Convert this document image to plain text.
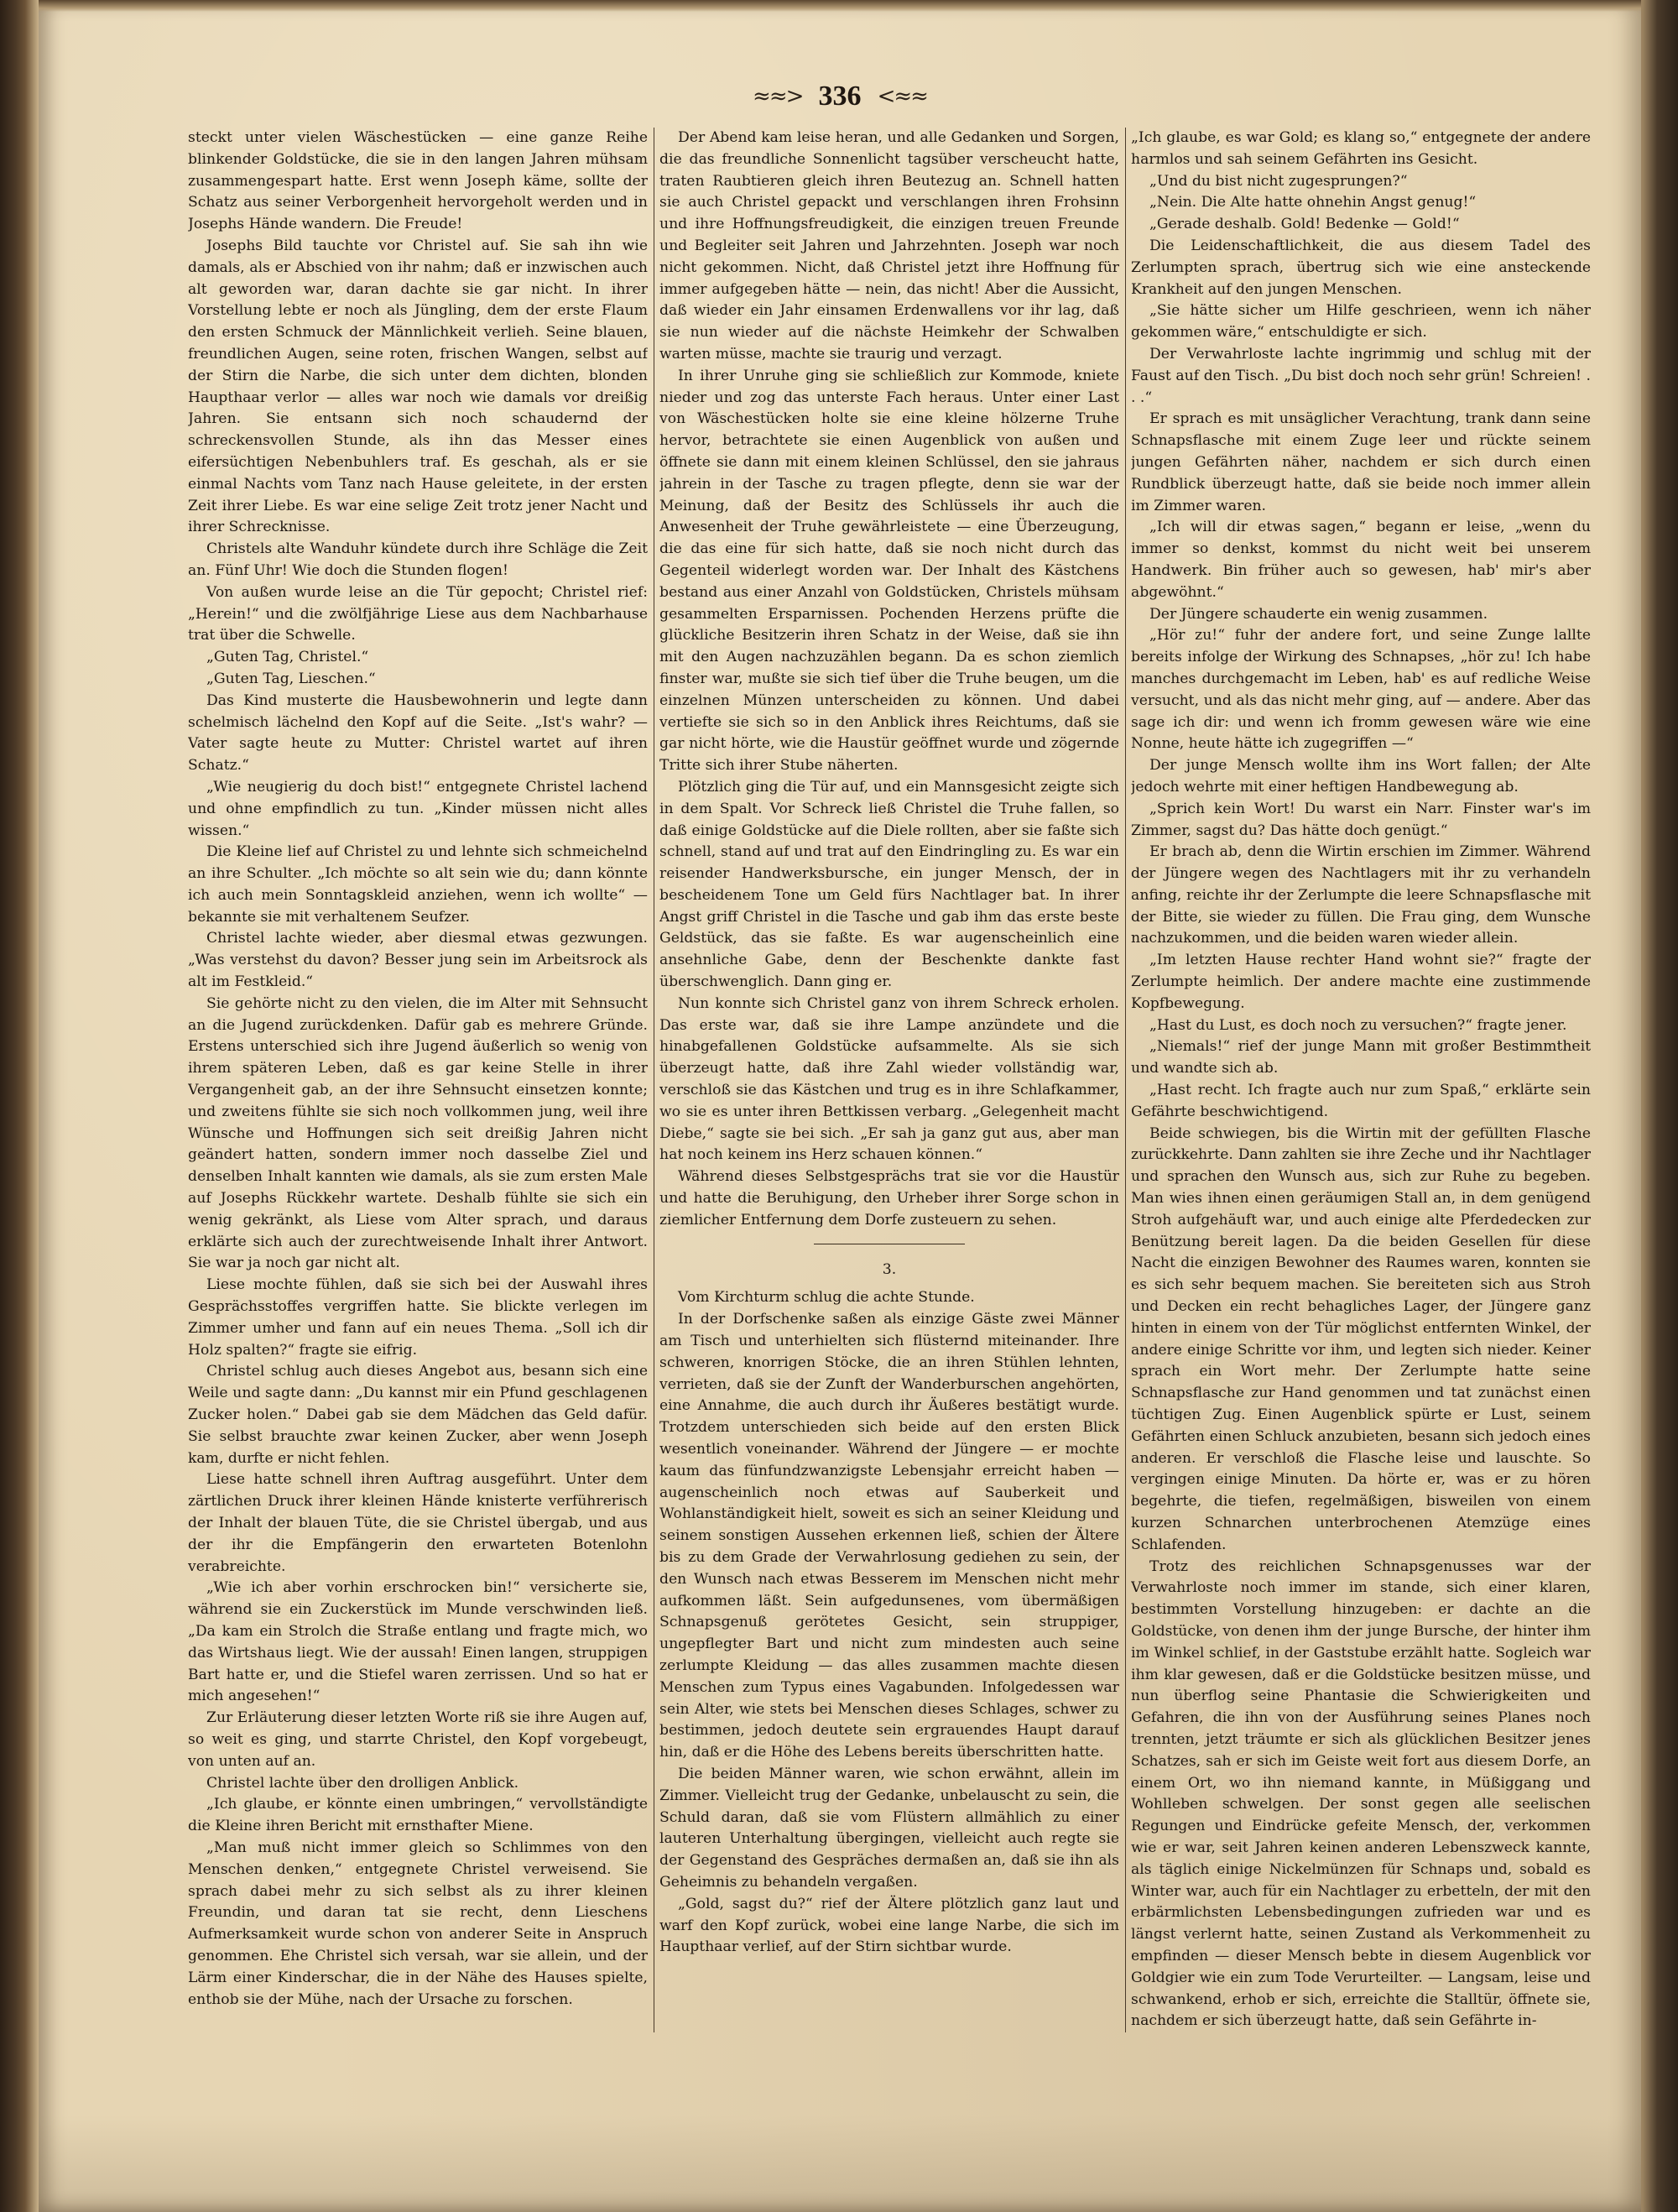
≈≈> 336 <≈≈

steckt unter vielen Wäschestücken — eine ganze Reihe blinkender Goldstücke, die sie in den langen Jahren mühsam zusammengespart hatte. Erst wenn Joseph käme, sollte der Schatz aus seiner Verborgenheit hervorgeholt werden und in Josephs Hände wandern. Die Freude!

Josephs Bild tauchte vor Christel auf. Sie sah ihn wie damals, als er Abschied von ihr nahm; daß er inzwischen auch alt geworden war, daran dachte sie gar nicht. In ihrer Vorstellung lebte er noch als Jüngling, dem der erste Flaum den ersten Schmuck der Männlichkeit verlieh. Seine blauen, freundlichen Augen, seine roten, frischen Wangen, selbst auf der Stirn die Narbe, die sich unter dem dichten, blonden Haupthaar verlor — alles war noch wie damals vor dreißig Jahren. Sie entsann sich noch schaudernd der schreckensvollen Stunde, als ihn das Messer eines eifersüchtigen Nebenbuhlers traf. Es geschah, als er sie einmal Nachts vom Tanz nach Hause geleitete, in der ersten Zeit ihrer Liebe. Es war eine selige Zeit trotz jener Nacht und ihrer Schrecknisse.

Christels alte Wanduhr kündete durch ihre Schläge die Zeit an. Fünf Uhr! Wie doch die Stunden flogen!

Von außen wurde leise an die Tür gepocht; Christel rief: „Herein!“ und die zwölfjährige Liese aus dem Nachbarhause trat über die Schwelle.

„Guten Tag, Christel.“

„Guten Tag, Lieschen.“

Das Kind musterte die Hausbewohnerin und legte dann schelmisch lächelnd den Kopf auf die Seite. „Ist's wahr? — Vater sagte heute zu Mutter: Christel wartet auf ihren Schatz.“

„Wie neugierig du doch bist!“ entgegnete Christel lachend und ohne empfindlich zu tun. „Kinder müssen nicht alles wissen.“

Die Kleine lief auf Christel zu und lehnte sich schmeichelnd an ihre Schulter. „Ich möchte so alt sein wie du; dann könnte ich auch mein Sonntagskleid anziehen, wenn ich wollte“ — bekannte sie mit verhaltenem Seufzer.

Christel lachte wieder, aber diesmal etwas gezwungen. „Was verstehst du davon? Besser jung sein im Arbeitsrock als alt im Festkleid.“

Sie gehörte nicht zu den vielen, die im Alter mit Sehnsucht an die Jugend zurückdenken. Dafür gab es mehrere Gründe. Erstens unterschied sich ihre Jugend äußerlich so wenig von ihrem späteren Leben, daß es gar keine Stelle in ihrer Vergangenheit gab, an der ihre Sehnsucht einsetzen konnte; und zweitens fühlte sie sich noch vollkommen jung, weil ihre Wünsche und Hoffnungen sich seit dreißig Jahren nicht geändert hatten, sondern immer noch dasselbe Ziel und denselben Inhalt kannten wie damals, als sie zum ersten Male auf Josephs Rückkehr wartete. Deshalb fühlte sie sich ein wenig gekränkt, als Liese vom Alter sprach, und daraus erklärte sich auch der zurechtweisende Inhalt ihrer Antwort. Sie war ja noch gar nicht alt.

Liese mochte fühlen, daß sie sich bei der Auswahl ihres Gesprächsstoffes vergriffen hatte. Sie blickte verlegen im Zimmer umher und fann auf ein neues Thema. „Soll ich dir Holz spalten?“ fragte sie eifrig.

Christel schlug auch dieses Angebot aus, besann sich eine Weile und sagte dann: „Du kannst mir ein Pfund geschlagenen Zucker holen.“ Dabei gab sie dem Mädchen das Geld dafür. Sie selbst brauchte zwar keinen Zucker, aber wenn Joseph kam, durfte er nicht fehlen.

Liese hatte schnell ihren Auftrag ausgeführt. Unter dem zärtlichen Druck ihrer kleinen Hände knisterte verführerisch der Inhalt der blauen Tüte, die sie Christel übergab, und aus der ihr die Empfängerin den erwarteten Botenlohn verabreichte.

„Wie ich aber vorhin erschrocken bin!“ versicherte sie, während sie ein Zuckerstück im Munde verschwinden ließ. „Da kam ein Strolch die Straße entlang und fragte mich, wo das Wirtshaus liegt. Wie der aussah! Einen langen, struppigen Bart hatte er, und die Stiefel waren zerrissen. Und so hat er mich angesehen!“

Zur Erläuterung dieser letzten Worte riß sie ihre Augen auf, so weit es ging, und starrte Christel, den Kopf vorgebeugt, von unten auf an.

Christel lachte über den drolligen Anblick.

„Ich glaube, er könnte einen umbringen,“ vervollständigte die Kleine ihren Bericht mit ernsthafter Miene.

„Man muß nicht immer gleich so Schlimmes von den Menschen denken,“ entgegnete Christel verweisend. Sie sprach dabei mehr zu sich selbst als zu ihrer kleinen Freundin, und daran tat sie recht, denn Lieschens Aufmerksamkeit wurde schon von anderer Seite in Anspruch genommen. Ehe Christel sich versah, war sie allein, und der Lärm einer Kinderschar, die in der Nähe des Hauses spielte, enthob sie der Mühe, nach der Ursache zu forschen.

Der Abend kam leise heran, und alle Gedanken und Sorgen, die das freundliche Sonnenlicht tagsüber verscheucht hatte, traten Raubtieren gleich ihren Beutezug an. Schnell hatten sie auch Christel gepackt und verschlangen ihren Frohsinn und ihre Hoffnungsfreudigkeit, die einzigen treuen Freunde und Begleiter seit Jahren und Jahrzehnten. Joseph war noch nicht gekommen. Nicht, daß Christel jetzt ihre Hoffnung für immer aufgegeben hätte — nein, das nicht! Aber die Aussicht, daß wieder ein Jahr einsamen Erdenwallens vor ihr lag, daß sie nun wieder auf die nächste Heimkehr der Schwalben warten müsse, machte sie traurig und verzagt.

In ihrer Unruhe ging sie schließlich zur Kommode, kniete nieder und zog das unterste Fach heraus. Unter einer Last von Wäschestücken holte sie eine kleine hölzerne Truhe hervor, betrachtete sie einen Augenblick von außen und öffnete sie dann mit einem kleinen Schlüssel, den sie jahraus jahrein in der Tasche zu tragen pflegte, denn sie war der Meinung, daß der Besitz des Schlüssels ihr auch die Anwesenheit der Truhe gewährleistete — eine Überzeugung, die das eine für sich hatte, daß sie noch nicht durch das Gegenteil widerlegt worden war. Der Inhalt des Kästchens bestand aus einer Anzahl von Goldstücken, Christels mühsam gesammelten Ersparnissen. Pochenden Herzens prüfte die glückliche Besitzerin ihren Schatz in der Weise, daß sie ihn mit den Augen nachzuzählen begann. Da es schon ziemlich finster war, mußte sie sich tief über die Truhe beugen, um die einzelnen Münzen unterscheiden zu können. Und dabei vertiefte sie sich so in den Anblick ihres Reichtums, daß sie gar nicht hörte, wie die Haustür geöffnet wurde und zögernde Tritte sich ihrer Stube näherten.

Plötzlich ging die Tür auf, und ein Mannsgesicht zeigte sich in dem Spalt. Vor Schreck ließ Christel die Truhe fallen, so daß einige Goldstücke auf die Diele rollten, aber sie faßte sich schnell, stand auf und trat auf den Eindringling zu. Es war ein reisender Handwerksbursche, ein junger Mensch, der in bescheidenem Tone um Geld fürs Nachtlager bat. In ihrer Angst griff Christel in die Tasche und gab ihm das erste beste Geldstück, das sie faßte. Es war augenscheinlich eine ansehnliche Gabe, denn der Beschenkte dankte fast überschwenglich. Dann ging er.

Nun konnte sich Christel ganz von ihrem Schreck erholen. Das erste war, daß sie ihre Lampe anzündete und die hinabgefallenen Goldstücke aufsammelte. Als sie sich überzeugt hatte, daß ihre Zahl wieder vollständig war, verschloß sie das Kästchen und trug es in ihre Schlafkammer, wo sie es unter ihren Bettkissen verbarg. „Gelegenheit macht Diebe,“ sagte sie bei sich. „Er sah ja ganz gut aus, aber man hat noch keinem ins Herz schauen können.“

Während dieses Selbstgesprächs trat sie vor die Haustür und hatte die Beruhigung, den Urheber ihrer Sorge schon in ziemlicher Entfernung dem Dorfe zusteuern zu sehen.

3.

Vom Kirchturm schlug die achte Stunde.

In der Dorfschenke saßen als einzige Gäste zwei Männer am Tisch und unterhielten sich flüsternd miteinander. Ihre schweren, knorrigen Stöcke, die an ihren Stühlen lehnten, verrieten, daß sie der Zunft der Wanderburschen angehörten, eine Annahme, die auch durch ihr Äußeres bestätigt wurde. Trotzdem unterschieden sich beide auf den ersten Blick wesentlich voneinander. Während der Jüngere — er mochte kaum das fünfundzwanzigste Lebensjahr erreicht haben — augenscheinlich noch etwas auf Sauberkeit und Wohlanständigkeit hielt, soweit es sich an seiner Kleidung und seinem sonstigen Aussehen erkennen ließ, schien der Ältere bis zu dem Grade der Verwahrlosung gediehen zu sein, der den Wunsch nach etwas Besserem im Menschen nicht mehr aufkommen läßt. Sein aufgedunsenes, vom übermäßigen Schnapsgenuß gerötetes Gesicht, sein struppiger, ungepflegter Bart und nicht zum mindesten auch seine zerlumpte Kleidung — das alles zusammen machte diesen Menschen zum Typus eines Vagabunden. Infolgedessen war sein Alter, wie stets bei Menschen dieses Schlages, schwer zu bestimmen, jedoch deutete sein ergrauendes Haupt darauf hin, daß er die Höhe des Lebens bereits überschritten hatte.

Die beiden Männer waren, wie schon erwähnt, allein im Zimmer. Vielleicht trug der Gedanke, unbelauscht zu sein, die Schuld daran, daß sie vom Flüstern allmählich zu einer lauteren Unterhaltung übergingen, vielleicht auch regte sie der Gegenstand des Gespräches dermaßen an, daß sie ihn als Geheimnis zu behandeln vergaßen.

„Gold, sagst du?“ rief der Ältere plötzlich ganz laut und warf den Kopf zurück, wobei eine lange Narbe, die sich im Haupthaar verlief, auf der Stirn sichtbar wurde.

„Ich glaube, es war Gold; es klang so,“ entgegnete der andere harmlos und sah seinem Gefährten ins Gesicht.

„Und du bist nicht zugesprungen?“

„Nein. Die Alte hatte ohnehin Angst genug!“

„Gerade deshalb. Gold! Bedenke — Gold!“

Die Leidenschaftlichkeit, die aus diesem Tadel des Zerlumpten sprach, übertrug sich wie eine ansteckende Krankheit auf den jungen Menschen.

„Sie hätte sicher um Hilfe geschrieen, wenn ich näher gekommen wäre,“ entschuldigte er sich.

Der Verwahrloste lachte ingrimmig und schlug mit der Faust auf den Tisch. „Du bist doch noch sehr grün! Schreien! . . .“

Er sprach es mit unsäglicher Verachtung, trank dann seine Schnapsflasche mit einem Zuge leer und rückte seinem jungen Gefährten näher, nachdem er sich durch einen Rundblick überzeugt hatte, daß sie beide noch immer allein im Zimmer waren.

„Ich will dir etwas sagen,“ begann er leise, „wenn du immer so denkst, kommst du nicht weit bei unserem Handwerk. Bin früher auch so gewesen, hab' mir's aber abgewöhnt.“

Der Jüngere schauderte ein wenig zusammen.

„Hör zu!“ fuhr der andere fort, und seine Zunge lallte bereits infolge der Wirkung des Schnapses, „hör zu! Ich habe manches durchgemacht im Leben, hab' es auf redliche Weise versucht, und als das nicht mehr ging, auf — andere. Aber das sage ich dir: und wenn ich fromm gewesen wäre wie eine Nonne, heute hätte ich zugegriffen —“

Der junge Mensch wollte ihm ins Wort fallen; der Alte jedoch wehrte mit einer heftigen Handbewegung ab.

„Sprich kein Wort! Du warst ein Narr. Finster war's im Zimmer, sagst du? Das hätte doch genügt.“

Er brach ab, denn die Wirtin erschien im Zimmer. Während der Jüngere wegen des Nachtlagers mit ihr zu verhandeln anfing, reichte ihr der Zerlumpte die leere Schnapsflasche mit der Bitte, sie wieder zu füllen. Die Frau ging, dem Wunsche nachzukommen, und die beiden waren wieder allein.

„Im letzten Hause rechter Hand wohnt sie?“ fragte der Zerlumpte heimlich. Der andere machte eine zustimmende Kopfbewegung.

„Hast du Lust, es doch noch zu versuchen?“ fragte jener.

„Niemals!“ rief der junge Mann mit großer Bestimmtheit und wandte sich ab.

„Hast recht. Ich fragte auch nur zum Spaß,“ erklärte sein Gefährte beschwichtigend.

Beide schwiegen, bis die Wirtin mit der gefüllten Flasche zurückkehrte. Dann zahlten sie ihre Zeche und ihr Nachtlager und sprachen den Wunsch aus, sich zur Ruhe zu begeben. Man wies ihnen einen geräumigen Stall an, in dem genügend Stroh aufgehäuft war, und auch einige alte Pferdedecken zur Benützung bereit lagen. Da die beiden Gesellen für diese Nacht die einzigen Bewohner des Raumes waren, konnten sie es sich sehr bequem machen. Sie bereiteten sich aus Stroh und Decken ein recht behagliches Lager, der Jüngere ganz hinten in einem von der Tür möglichst entfernten Winkel, der andere einige Schritte vor ihm, und legten sich nieder. Keiner sprach ein Wort mehr. Der Zerlumpte hatte seine Schnapsflasche zur Hand genommen und tat zunächst einen tüchtigen Zug. Einen Augenblick spürte er Lust, seinem Gefährten einen Schluck anzubieten, besann sich jedoch eines anderen. Er verschloß die Flasche leise und lauschte. So vergingen einige Minuten. Da hörte er, was er zu hören begehrte, die tiefen, regelmäßigen, bisweilen von einem kurzen Schnarchen unterbrochenen Atemzüge eines Schlafenden.

Trotz des reichlichen Schnapsgenusses war der Verwahrloste noch immer im stande, sich einer klaren, bestimmten Vorstellung hinzugeben: er dachte an die Goldstücke, von denen ihm der junge Bursche, der hinter ihm im Winkel schlief, in der Gaststube erzählt hatte. Sogleich war ihm klar gewesen, daß er die Goldstücke besitzen müsse, und nun überflog seine Phantasie die Schwierigkeiten und Gefahren, die ihn von der Ausführung seines Planes noch trennten, jetzt träumte er sich als glücklichen Besitzer jenes Schatzes, sah er sich im Geiste weit fort aus diesem Dorfe, an einem Ort, wo ihn niemand kannte, in Müßiggang und Wohlleben schwelgen. Der sonst gegen alle seelischen Regungen und Eindrücke gefeite Mensch, der, verkommen wie er war, seit Jahren keinen anderen Lebenszweck kannte, als täglich einige Nickelmünzen für Schnaps und, sobald es Winter war, auch für ein Nachtlager zu erbetteln, der mit den erbärmlichsten Lebensbedingungen zufrieden war und es längst verlernt hatte, seinen Zustand als Verkommenheit zu empfinden — dieser Mensch bebte in diesem Augenblick vor Goldgier wie ein zum Tode Verurteilter. — Langsam, leise und schwankend, erhob er sich, erreichte die Stalltür, öffnete sie, nachdem er sich überzeugt hatte, daß sein Gefährte in-
